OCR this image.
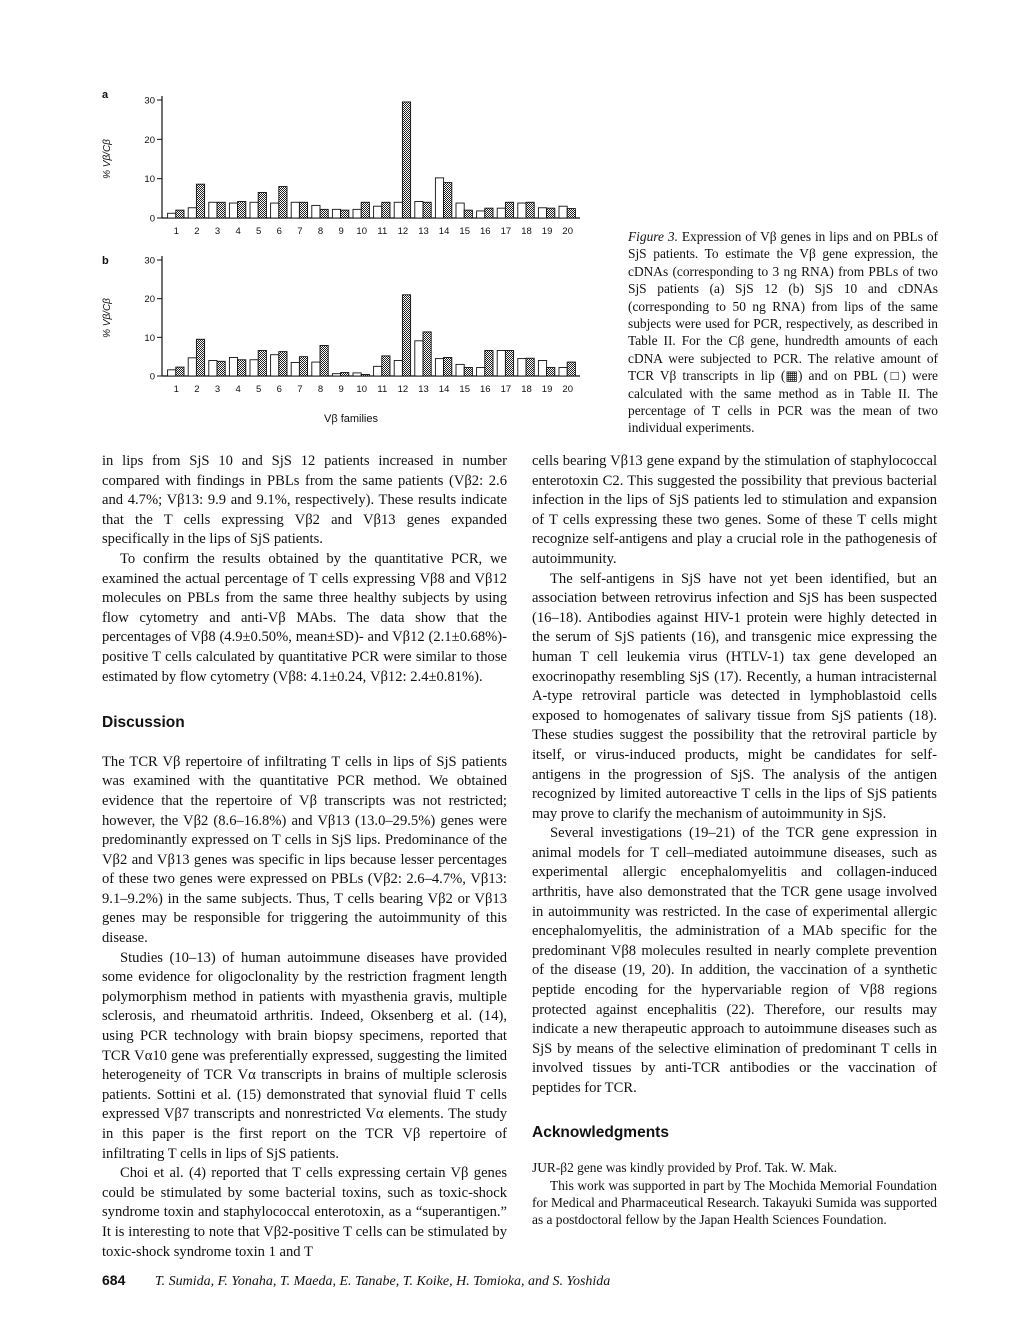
a
0
10
20
30
% Vβ/Cβ
1 2 3 4 5 6 7 8 9 10 11 12 13 14 15 16 17 18 19 20
b
0
10
20
30
% Vβ/Cβ
1 2 3 4 5 6 7 8 9 10 11 12 13 14 15 16 17 18 19 20
Vβ families
Figure 3. Expression of Vβ genes in lips and on PBLs of SjS patients. To estimate the Vβ gene expression, the cDNAs (corresponding to 3 ng RNA) from PBLs of two SjS patients (a) SjS 12 (b) SjS 10 and cDNAs (corresponding to 50 ng RNA) from lips of the same subjects were used for PCR, respectively, as described in Table II. For the Cβ gene, hundredth amounts of each cDNA were subjected to PCR. The relative amount of TCR Vβ transcripts in lip (▦) and on PBL (□) were calculated with the same method as in Table II. The percentage of T cells in PCR was the mean of two individual experiments.

in lips from SjS 10 and SjS 12 patients increased in number compared with findings in PBLs from the same patients (Vβ2: 2.6 and 4.7%; Vβ13: 9.9 and 9.1%, respectively). These results indicate that the T cells expressing Vβ2 and Vβ13 genes expanded specifically in the lips of SjS patients.

To confirm the results obtained by the quantitative PCR, we examined the actual percentage of T cells expressing Vβ8 and Vβ12 molecules on PBLs from the same three healthy subjects by using flow cytometry and anti-Vβ MAbs. The data show that the percentages of Vβ8 (4.9±0.50%, mean±SD)- and Vβ12 (2.1±0.68%)-positive T cells calculated by quantitative PCR were similar to those estimated by flow cytometry (Vβ8: 4.1±0.24, Vβ12: 2.4±0.81%).

Discussion

The TCR Vβ repertoire of infiltrating T cells in lips of SjS patients was examined with the quantitative PCR method. We obtained evidence that the repertoire of Vβ transcripts was not restricted; however, the Vβ2 (8.6–16.8%) and Vβ13 (13.0–29.5%) genes were predominantly expressed on T cells in SjS lips. Predominance of the Vβ2 and Vβ13 genes was specific in lips because lesser percentages of these two genes were expressed on PBLs (Vβ2: 2.6–4.7%, Vβ13: 9.1–9.2%) in the same subjects. Thus, T cells bearing Vβ2 or Vβ13 genes may be responsible for triggering the autoimmunity of this disease.

Studies (10–13) of human autoimmune diseases have provided some evidence for oligoclonality by the restriction fragment length polymorphism method in patients with myasthenia gravis, multiple sclerosis, and rheumatoid arthritis. Indeed, Oksenberg et al. (14), using PCR technology with brain biopsy specimens, reported that TCR Vα10 gene was preferentially expressed, suggesting the limited heterogeneity of TCR Vα transcripts in brains of multiple sclerosis patients. Sottini et al. (15) demonstrated that synovial fluid T cells expressed Vβ7 transcripts and nonrestricted Vα elements. The study in this paper is the first report on the TCR Vβ repertoire of infiltrating T cells in lips of SjS patients.

Choi et al. (4) reported that T cells expressing certain Vβ genes could be stimulated by some bacterial toxins, such as toxic-shock syndrome toxin and staphylococcal enterotoxin, as a “superantigen.” It is interesting to note that Vβ2-positive T cells can be stimulated by toxic-shock syndrome toxin 1 and T

cells bearing Vβ13 gene expand by the stimulation of staphylococcal enterotoxin C2. This suggested the possibility that previous bacterial infection in the lips of SjS patients led to stimulation and expansion of T cells expressing these two genes. Some of these T cells might recognize self-antigens and play a crucial role in the pathogenesis of autoimmunity.

The self-antigens in SjS have not yet been identified, but an association between retrovirus infection and SjS has been suspected (16–18). Antibodies against HIV-1 protein were highly detected in the serum of SjS patients (16), and transgenic mice expressing the human T cell leukemia virus (HTLV-1) tax gene developed an exocrinopathy resembling SjS (17). Recently, a human intracisternal A-type retroviral particle was detected in lymphoblastoid cells exposed to homogenates of salivary tissue from SjS patients (18). These studies suggest the possibility that the retroviral particle by itself, or virus-induced products, might be candidates for self-antigens in the progression of SjS. The analysis of the antigen recognized by limited autoreactive T cells in the lips of SjS patients may prove to clarify the mechanism of autoimmunity in SjS.

Several investigations (19–21) of the TCR gene expression in animal models for T cell–mediated autoimmune diseases, such as experimental allergic encephalomyelitis and collagen-induced arthritis, have also demonstrated that the TCR gene usage involved in autoimmunity was restricted. In the case of experimental allergic encephalomyelitis, the administration of a MAb specific for the predominant Vβ8 molecules resulted in nearly complete prevention of the disease (19, 20). In addition, the vaccination of a synthetic peptide encoding for the hypervariable region of Vβ8 regions protected against encephalitis (22). Therefore, our results may indicate a new therapeutic approach to autoimmune diseases such as SjS by means of the selective elimination of predominant T cells in involved tissues by anti-TCR antibodies or the vaccination of peptides for TCR.

Acknowledgments

JUR-β2 gene was kindly provided by Prof. Tak. W. Mak.

This work was supported in part by The Mochida Memorial Foundation for Medical and Pharmaceutical Research. Takayuki Sumida was supported as a postdoctoral fellow by the Japan Health Sciences Foundation.

684 T. Sumida, F. Yonaha, T. Maeda, E. Tanabe, T. Koike, H. Tomioka, and S. Yoshida
